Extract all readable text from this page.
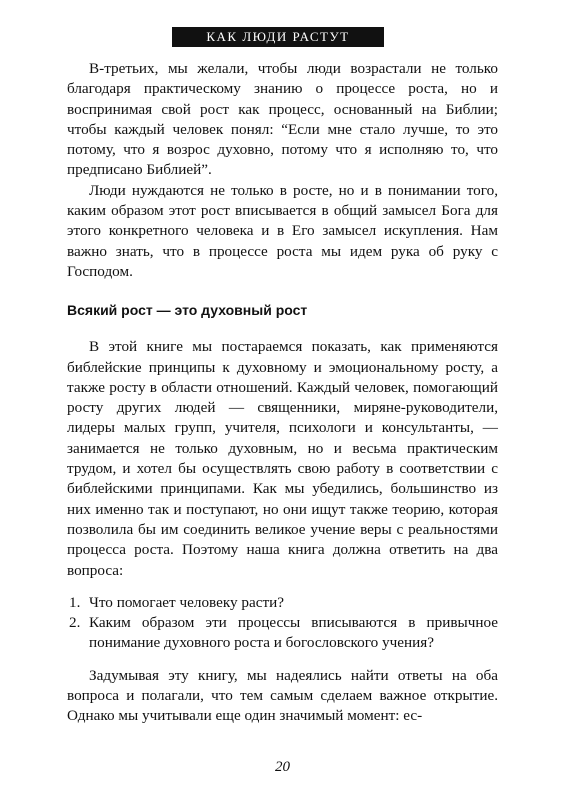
КАК ЛЮДИ РАСТУТ

В-третьих, мы желали, чтобы люди возрастали не только благодаря практическому знанию о процессе роста, но и воспринимая свой рост как процесс, основанный на Библии; чтобы каждый человек понял: “Если мне стало лучше, то это потому, что я возрос духовно, потому что я исполняю то, что предписано Библией”.

Люди нуждаются не только в росте, но и в понимании того, каким образом этот рост вписывается в общий замысел Бога для этого конкретного человека и в Его замысел искупления. Нам важно знать, что в процессе роста мы идем рука об руку с Господом.

Всякий рост — это духовный рост

В этой книге мы постараемся показать, как применяются библейские принципы к духовному и эмоциональному росту, а также росту в области отношений. Каждый человек, помогающий росту других людей — священники, миряне-руководители, лидеры малых групп, учителя, психологи и консультанты, — занимается не только духовным, но и весьма практическим трудом, и хотел бы осуществлять свою работу в соответствии с библейскими принципами. Как мы убедились, большинство из них именно так и поступают, но они ищут также теорию, которая позволила бы им соединить великое учение веры с реальностями процесса роста. Поэтому наша книга должна ответить на два вопроса:

1. Что помогает человеку расти?
2. Каким образом эти процессы вписываются в привычное понимание духовного роста и богословского учения?

Задумывая эту книгу, мы надеялись найти ответы на оба вопроса и полагали, что тем самым сделаем важное открытие. Однако мы учитывали еще один значимый момент: ес-

20
